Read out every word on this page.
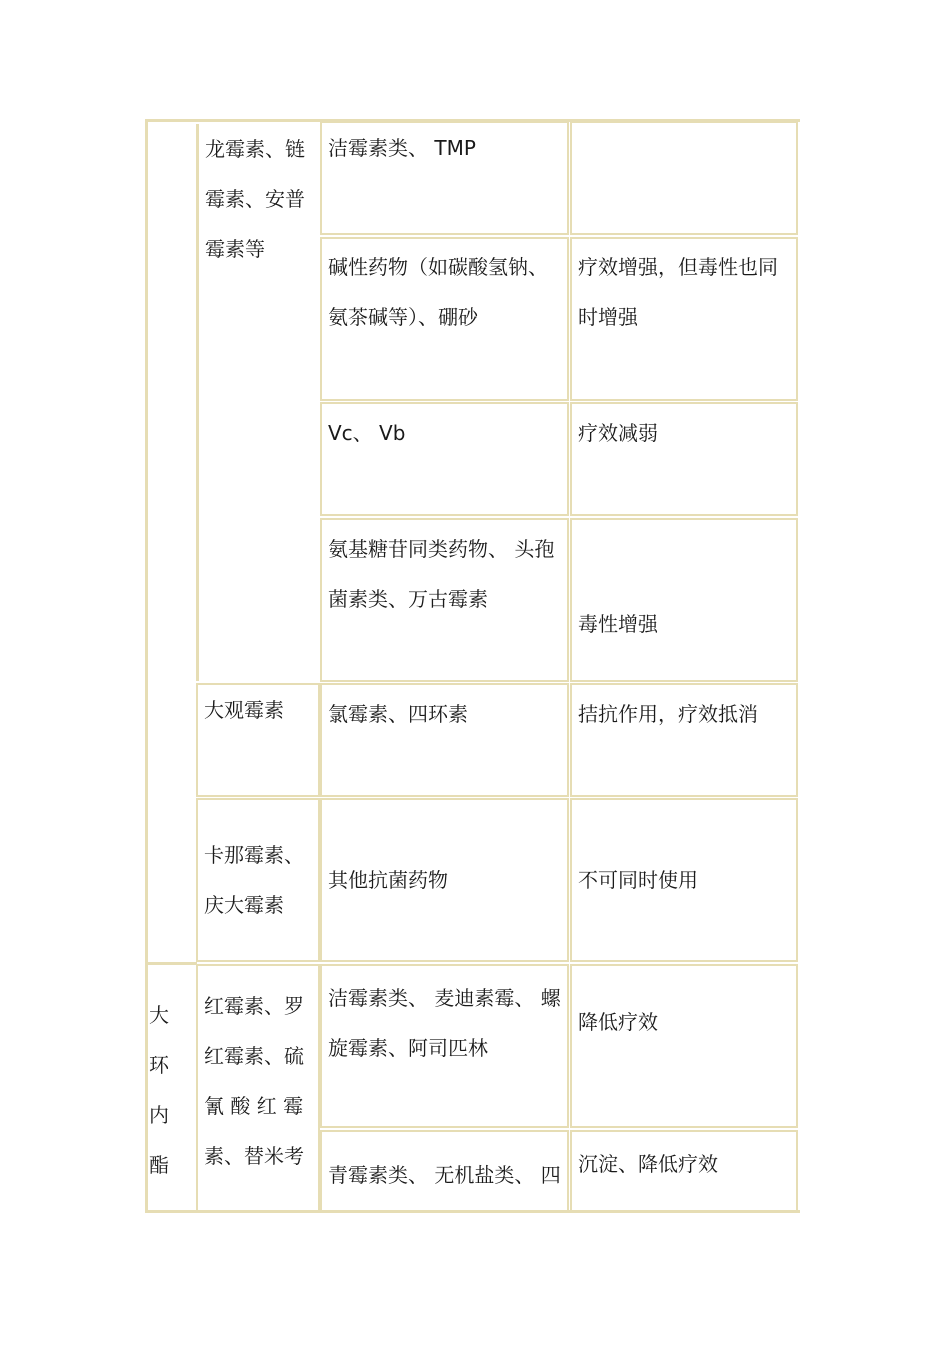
大
环
内
酯
龙霉素、链
霉素、安普
霉素等
大观霉素
卡那霉素、
庆大霉素
红霉素、罗
红霉素、硫
氰 酸 红 霉
素、替米考
洁霉素类、 TMP
碱性药物（如碳酸氢钠、
氨茶碱等）、硼砂
Vc、 Vb
氨基糖苷同类药物、 头孢
菌素类、万古霉素
氯霉素、四环素
其他抗菌药物
洁霉素类、 麦迪素霉、 螺
旋霉素、阿司匹林
青霉素类、 无机盐类、 四
疗效增强，但毒性也同
时增强
疗效减弱

毒性增强

拮抗作用，疗效抵消
不可同时使用
降低疗效
沉淀、降低疗效
